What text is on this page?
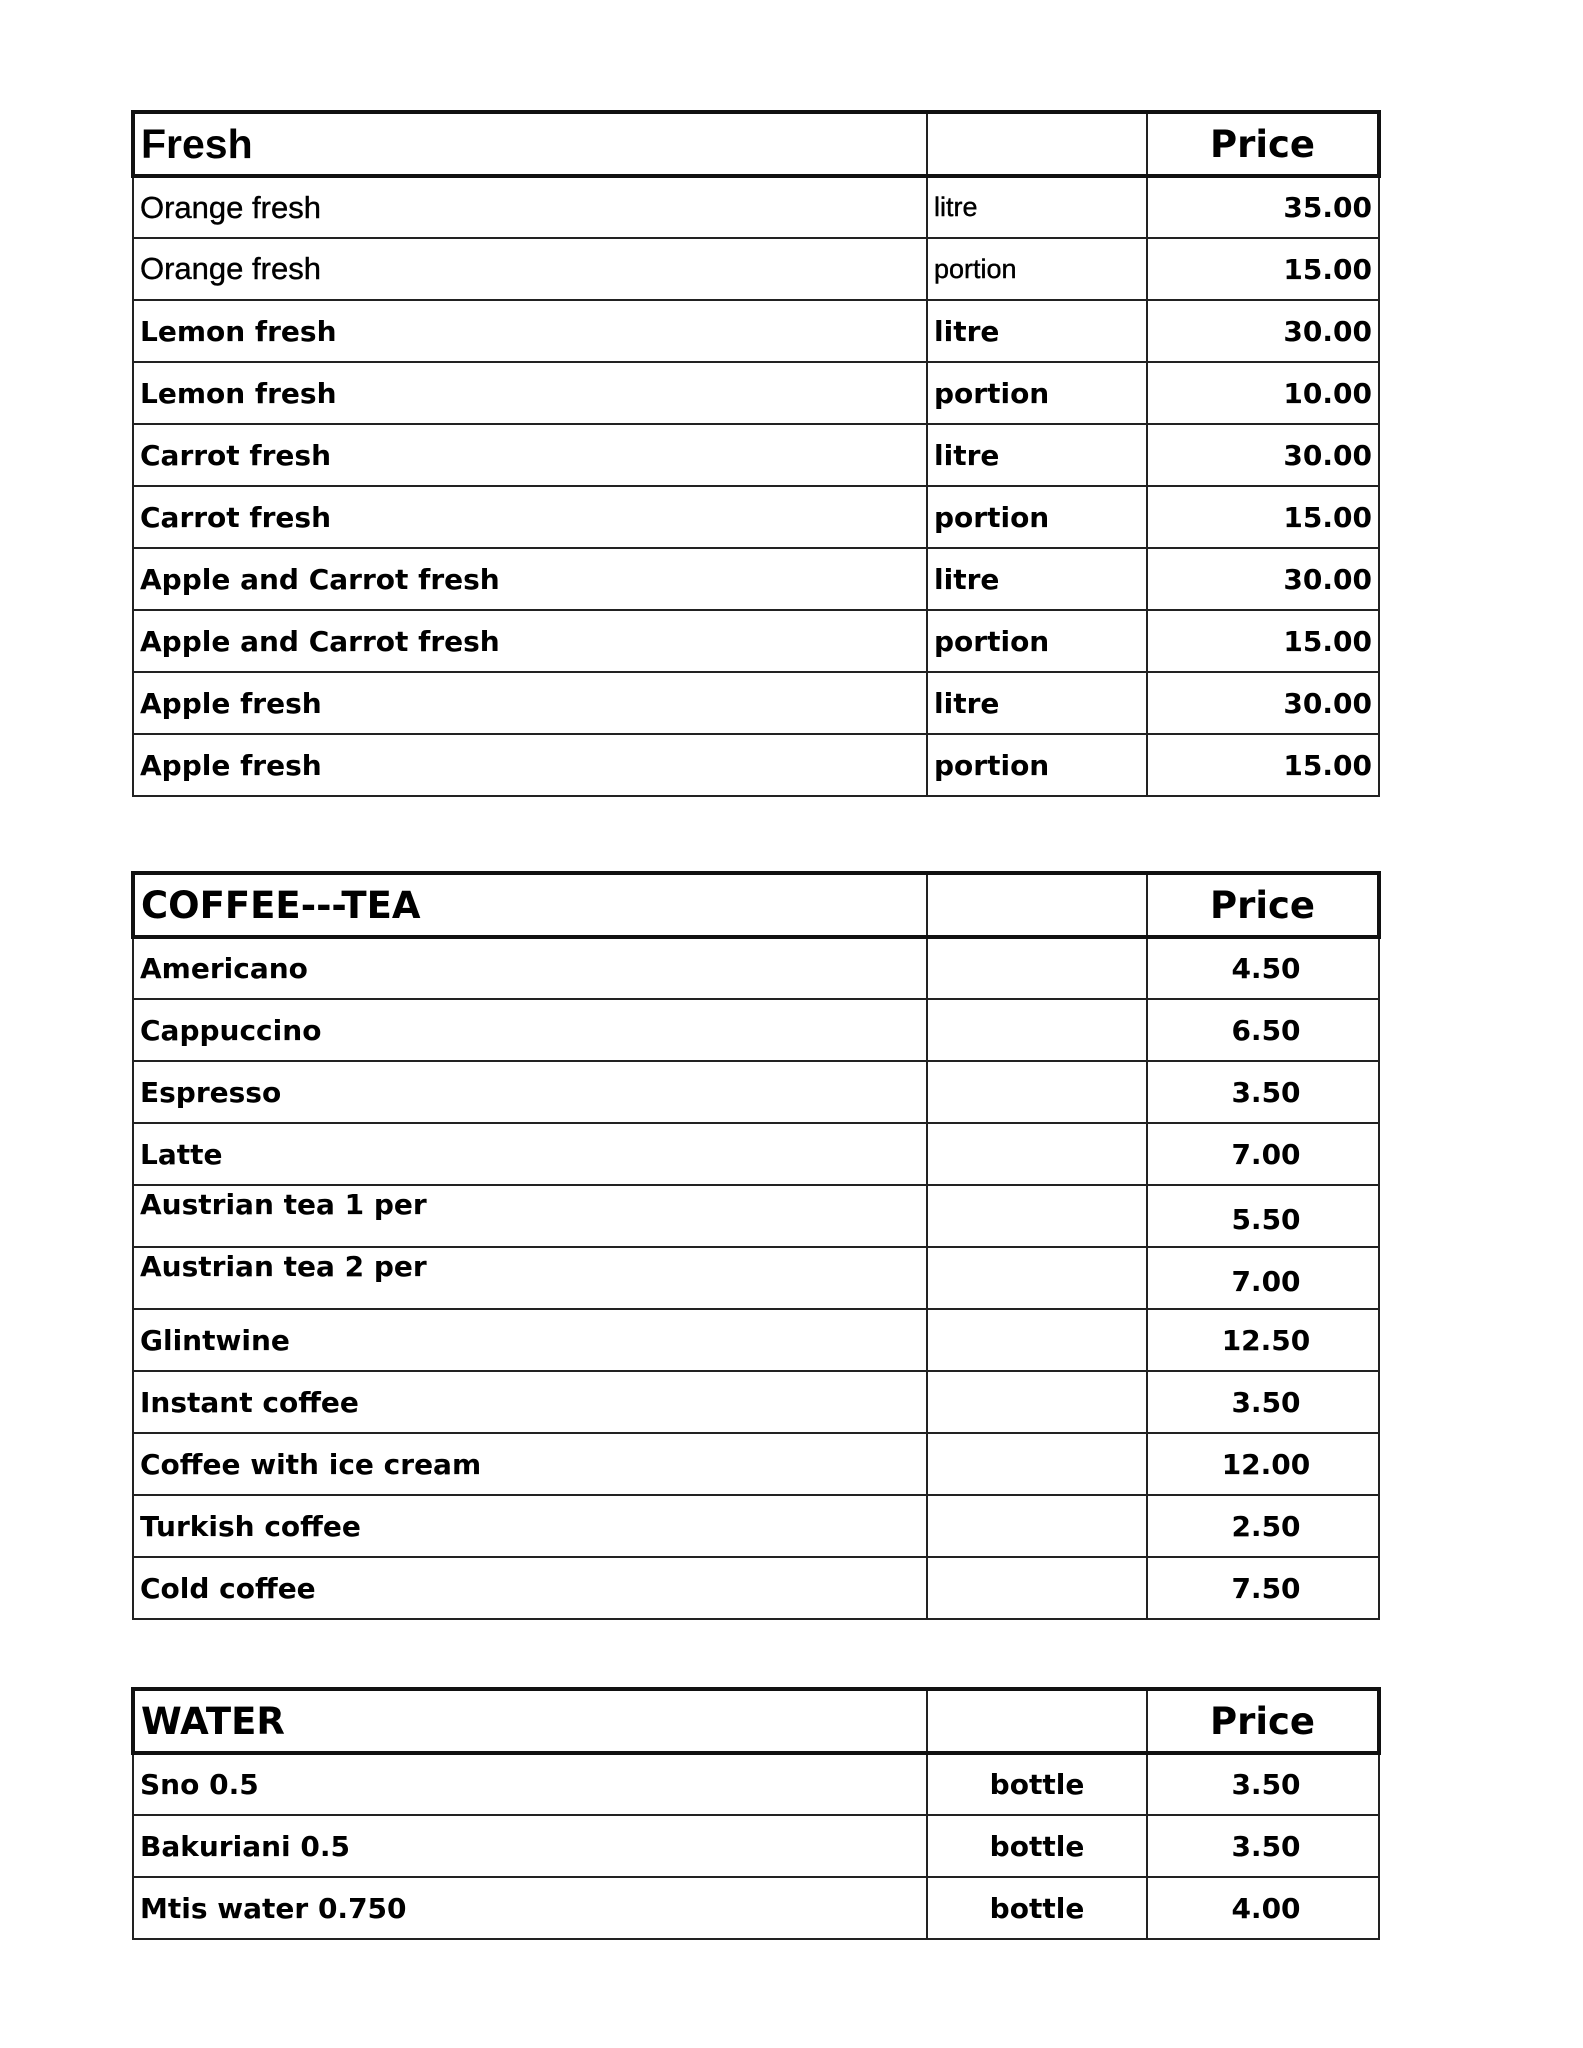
Fresh		Price
Orange fresh	litre	35.00
Orange fresh	portion	15.00
Lemon fresh	litre	30.00
Lemon fresh	portion	10.00
Carrot fresh	litre	30.00
Carrot fresh	portion	15.00
Apple and Carrot fresh	litre	30.00
Apple and Carrot fresh	portion	15.00
Apple fresh	litre	30.00
Apple fresh	portion	15.00
COFFEE---TEA		Price
Americano		4.50
Cappuccino		6.50
Espresso		3.50
Latte		7.00
Austrian tea 1 per		5.50
Austrian tea 2 per		7.00
Glintwine		12.50
Instant coffee		3.50
Coffee with ice cream		12.00
Turkish coffee		2.50
Cold coffee		7.50
WATER		Price
Sno 0.5	bottle	3.50
Bakuriani 0.5	bottle	3.50
Mtis water 0.750	bottle	4.00
